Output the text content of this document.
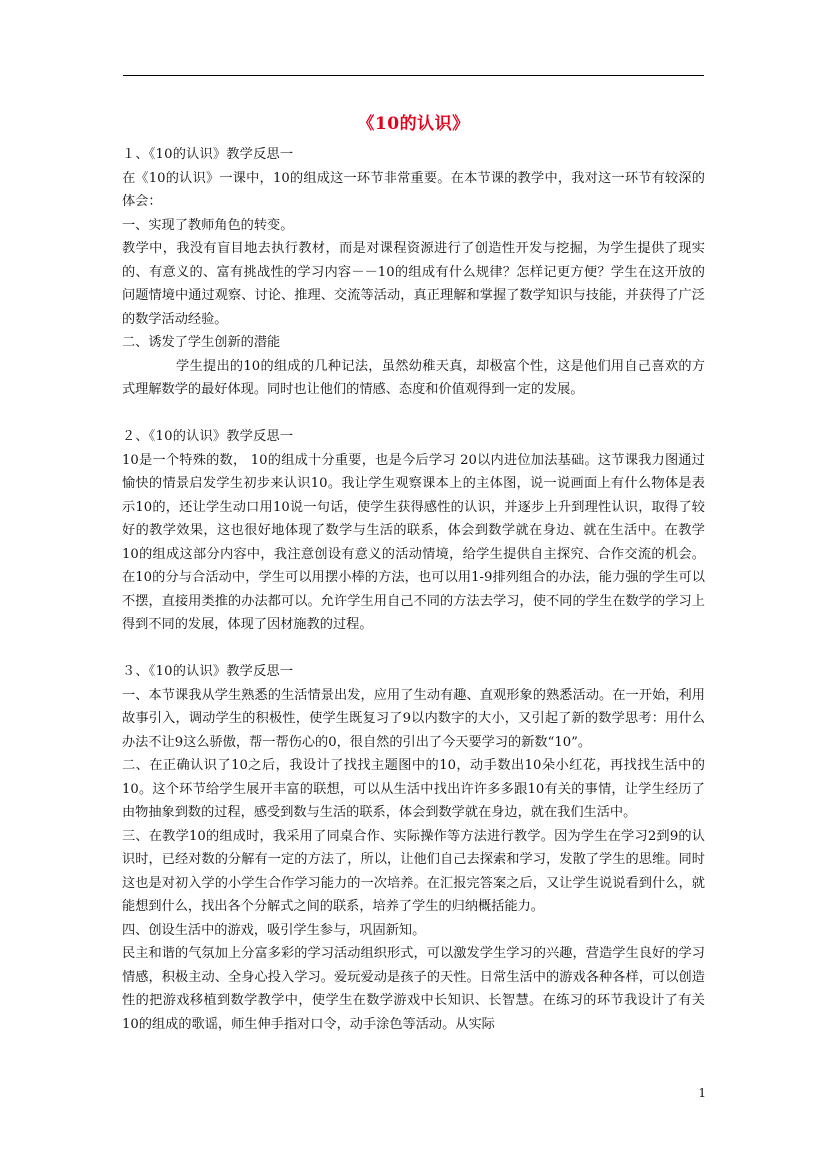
《10的认识》

１、《10的认识》教学反思一

在《10的认识》一课中，10的组成这一环节非常重要。在本节课的教学中，我对这一环节有较深的体会：

一、实现了教师角色的转变。

教学中，我没有盲目地去执行教材，而是对课程资源进行了创造性开发与挖掘，为学生提供了现实的、有意义的、富有挑战性的学习内容－－10的组成有什么规律？怎样记更方便？学生在这开放的问题情境中通过观察、讨论、推理、交流等活动，真正理解和掌握了数学知识与技能，并获得了广泛的数学活动经验。

二、诱发了学生创新的潜能

学生提出的10的组成的几种记法，虽然幼稚天真，却极富个性，这是他们用自己喜欢的方式理解数学的最好体现。同时也让他们的情感、态度和价值观得到一定的发展。

２、《10的认识》教学反思一

10是一个特殊的数， 10的组成十分重要，也是今后学习 20以内进位加法基础。这节课我力图通过愉快的情景启发学生初步来认识10。我让学生观察课本上的主体图，说一说画面上有什么物体是表示10的，还让学生动口用10说一句话，使学生获得感性的认识，并逐步上升到理性认识，取得了较好的教学效果，这也很好地体现了数学与生活的联系，体会到数学就在身边、就在生活中。在教学10的组成这部分内容中，我注意创设有意义的活动情境，给学生提供自主探究、合作交流的机会。在10的分与合活动中，学生可以用摆小棒的方法，也可以用1-9排列组合的办法，能力强的学生可以不摆，直接用类推的办法都可以。允许学生用自己不同的方法去学习，使不同的学生在数学的学习上得到不同的发展，体现了因材施教的过程。

３、《10的认识》教学反思一

一、本节课我从学生熟悉的生活情景出发，应用了生动有趣、直观形象的熟悉活动。在一开始，利用故事引入，调动学生的积极性，使学生既复习了9以内数字的大小，又引起了新的数学思考：用什么办法不让9这么骄傲，帮一帮伤心的0，很自然的引出了今天要学习的新数“10”。

二、在正确认识了10之后，我设计了找找主题图中的10，动手数出10朵小红花，再找找生活中的10。这个环节给学生展开丰富的联想，可以从生活中找出许许多多跟10有关的事情，让学生经历了由物抽象到数的过程，感受到数与生活的联系，体会到数学就在身边，就在我们生活中。

三、在教学10的组成时，我采用了同桌合作、实际操作等方法进行教学。因为学生在学习2到9的认识时，已经对数的分解有一定的方法了，所以，让他们自己去探索和学习，发散了学生的思维。同时这也是对初入学的小学生合作学习能力的一次培养。在汇报完答案之后，又让学生说说看到什么，就能想到什么，找出各个分解式之间的联系，培养了学生的归纳概括能力。

四、创设生活中的游戏，吸引学生参与，巩固新知。

民主和谐的气氛加上分富多彩的学习活动组织形式，可以激发学生学习的兴趣，营造学生良好的学习情感，积极主动、全身心投入学习。爱玩爱动是孩子的天性。日常生活中的游戏各种各样，可以创造性的把游戏移植到数学教学中，使学生在数学游戏中长知识、长智慧。在练习的环节我设计了有关10的组成的歌谣，师生伸手指对口令，动手涂色等活动。从实际

1
